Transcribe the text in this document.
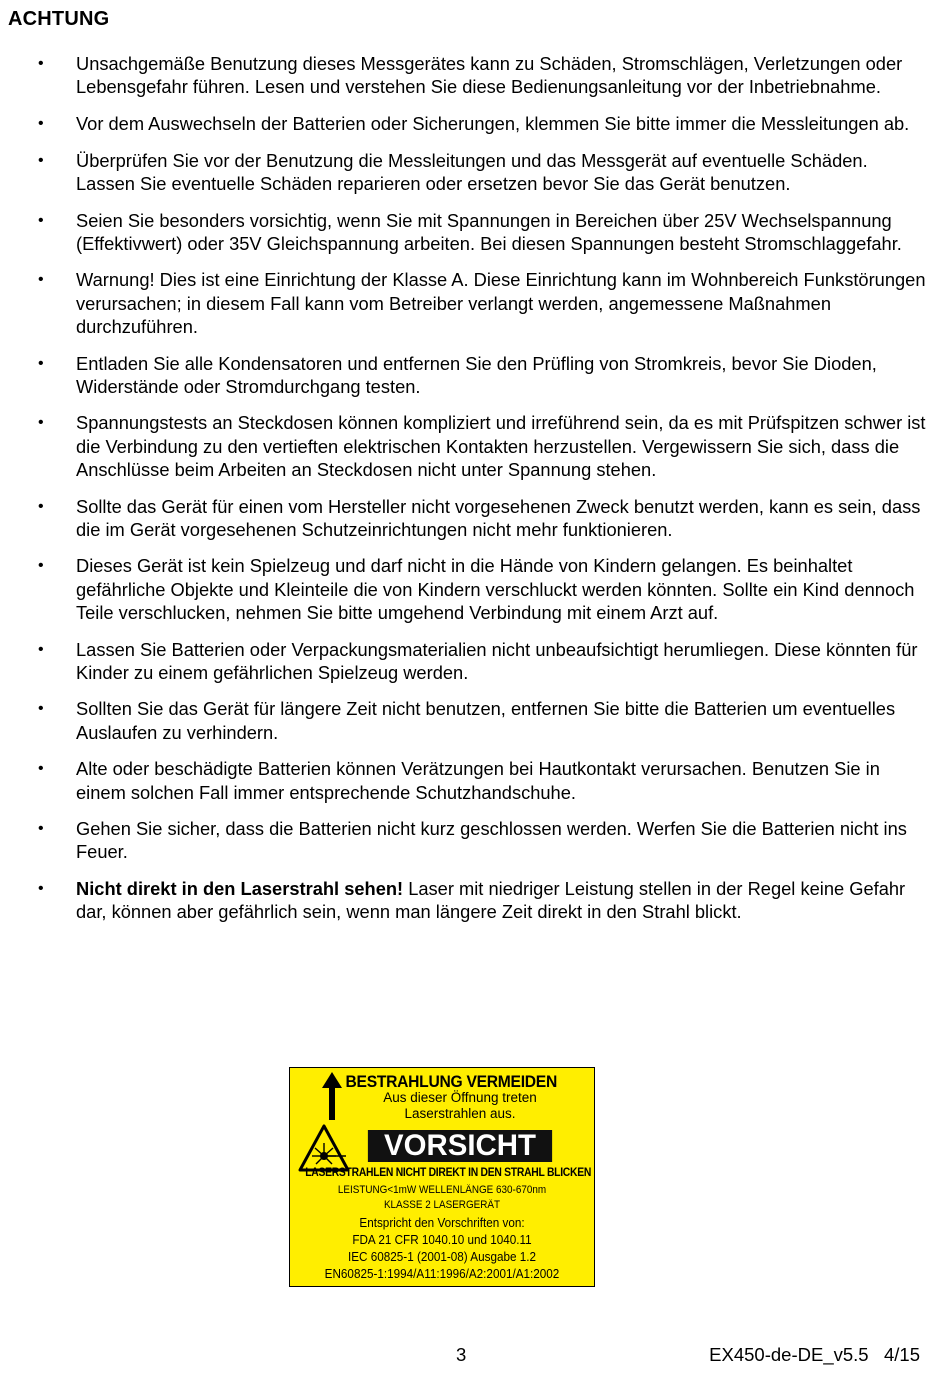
ACHTUNG
•	Unsachgemäße Benutzung dieses Messgerätes kann zu Schäden, Stromschlägen, Verletzungen oder Lebensgefahr führen. Lesen und verstehen Sie diese Bedienungsanleitung vor der Inbetriebnahme.
•	Vor dem Auswechseln der Batterien oder Sicherungen, klemmen Sie bitte immer die Messleitungen ab.
•	Überprüfen Sie vor der Benutzung die Messleitungen und das Messgerät auf eventuelle Schäden. Lassen Sie eventuelle Schäden reparieren oder ersetzen bevor Sie das Gerät benutzen.
•	Seien Sie besonders vorsichtig, wenn Sie mit Spannungen in Bereichen über 25V Wechselspannung (Effektivwert) oder 35V Gleichspannung arbeiten. Bei diesen Spannungen besteht Stromschlaggefahr.
•	Warnung! Dies ist eine Einrichtung der Klasse A. Diese Einrichtung kann im Wohnbereich Funkstörungen verursachen; in diesem Fall kann vom Betreiber verlangt werden, angemessene Maßnahmen durchzuführen.
•	Entladen Sie alle Kondensatoren und entfernen Sie den Prüfling von Stromkreis, bevor Sie Dioden, Widerstände oder Stromdurchgang testen.
•	Spannungstests an Steckdosen können kompliziert und irreführend sein, da es mit Prüfspitzen schwer ist die Verbindung zu den vertieften elektrischen Kontakten herzustellen. Vergewissern Sie sich, dass die Anschlüsse beim Arbeiten an Steckdosen nicht unter Spannung stehen.
•	Sollte das Gerät für einen vom Hersteller nicht vorgesehenen Zweck benutzt werden, kann es sein, dass die im Gerät vorgesehenen Schutzeinrichtungen nicht mehr funktionieren.
•	Dieses Gerät ist kein Spielzeug und darf nicht in die Hände von Kindern gelangen. Es beinhaltet gefährliche Objekte und Kleinteile die von Kindern verschluckt werden könnten. Sollte ein Kind dennoch Teile verschlucken, nehmen Sie bitte umgehend Verbindung mit einem Arzt auf.
•	Lassen Sie Batterien oder Verpackungsmaterialien nicht unbeaufsichtigt herumliegen. Diese könnten für Kinder zu einem gefährlichen Spielzeug werden.
•	Sollten Sie das Gerät für längere Zeit nicht benutzen, entfernen Sie bitte die Batterien um eventuelles Auslaufen zu verhindern.
•	Alte oder beschädigte Batterien können Verätzungen bei Hautkontakt verursachen. Benutzen Sie in einem solchen Fall immer entsprechende Schutzhandschuhe.
•	Gehen Sie sicher, dass die Batterien nicht kurz geschlossen werden. Werfen Sie die Batterien nicht ins Feuer.
•	Nicht direkt in den Laserstrahl sehen! Laser mit niedriger Leistung stellen in der Regel keine Gefahr dar, können aber gefährlich sein, wenn man längere Zeit direkt in den Strahl blickt.
BESTRAHLUNG VERMEIDEN
Aus dieser Öffnung treten
Laserstrahlen aus.
VORSICHT
LASERSTRAHLEN NICHT DIREKT IN DEN STRAHL BLICKEN
LEISTUNG<1mW WELLENLÄNGE 630-670nm
KLASSE 2 LASERGERÄT
Entspricht den Vorschriften von:
FDA 21 CFR 1040.10 und 1040.11
IEC 60825-1 (2001-08) Ausgabe 1.2
EN60825-1:1994/A11:1996/A2:2001/A1:2002
3	EX450-de-DE_v5.5   4/15
